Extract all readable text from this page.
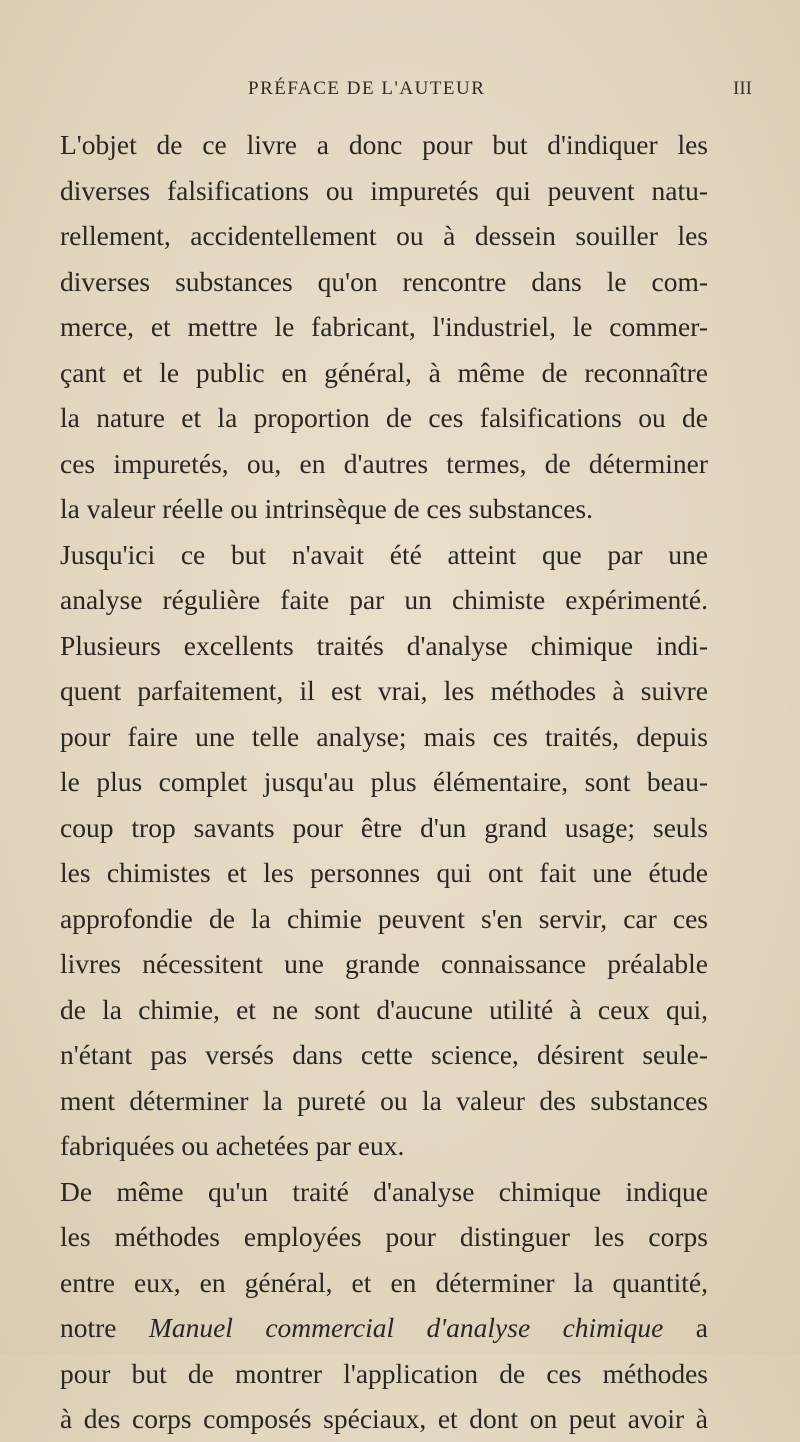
PRÉFACE DE L'AUTEUR	III
L'objet de ce livre a donc pour but d'indiquer les
diverses falsifications ou impuretés qui peuvent natu-
rellement, accidentellement ou à dessein souiller les
diverses substances qu'on rencontre dans le com-
merce, et mettre le fabricant, l'industriel, le commer-
çant et le public en général, à même de reconnaître
la nature et la proportion de ces falsifications ou de
ces impuretés, ou, en d'autres termes, de déterminer
la valeur réelle ou intrinsèque de ces substances.
Jusqu'ici ce but n'avait été atteint que par une
analyse régulière faite par un chimiste expérimenté.
Plusieurs excellents traités d'analyse chimique indi-
quent parfaitement, il est vrai, les méthodes à suivre
pour faire une telle analyse; mais ces traités, depuis
le plus complet jusqu'au plus élémentaire, sont beau-
coup trop savants pour être d'un grand usage; seuls
les chimistes et les personnes qui ont fait une étude
approfondie de la chimie peuvent s'en servir, car ces
livres nécessitent une grande connaissance préalable
de la chimie, et ne sont d'aucune utilité à ceux qui,
n'étant pas versés dans cette science, désirent seule-
ment déterminer la pureté ou la valeur des substances
fabriquées ou achetées par eux.
De même qu'un traité d'analyse chimique indique
les méthodes employées pour distinguer les corps
entre eux, en général, et en déterminer la quantité,
notre Manuel commercial d'analyse chimique a
pour but de montrer l'application de ces méthodes
à des corps composés spéciaux, et dont on peut avoir à
